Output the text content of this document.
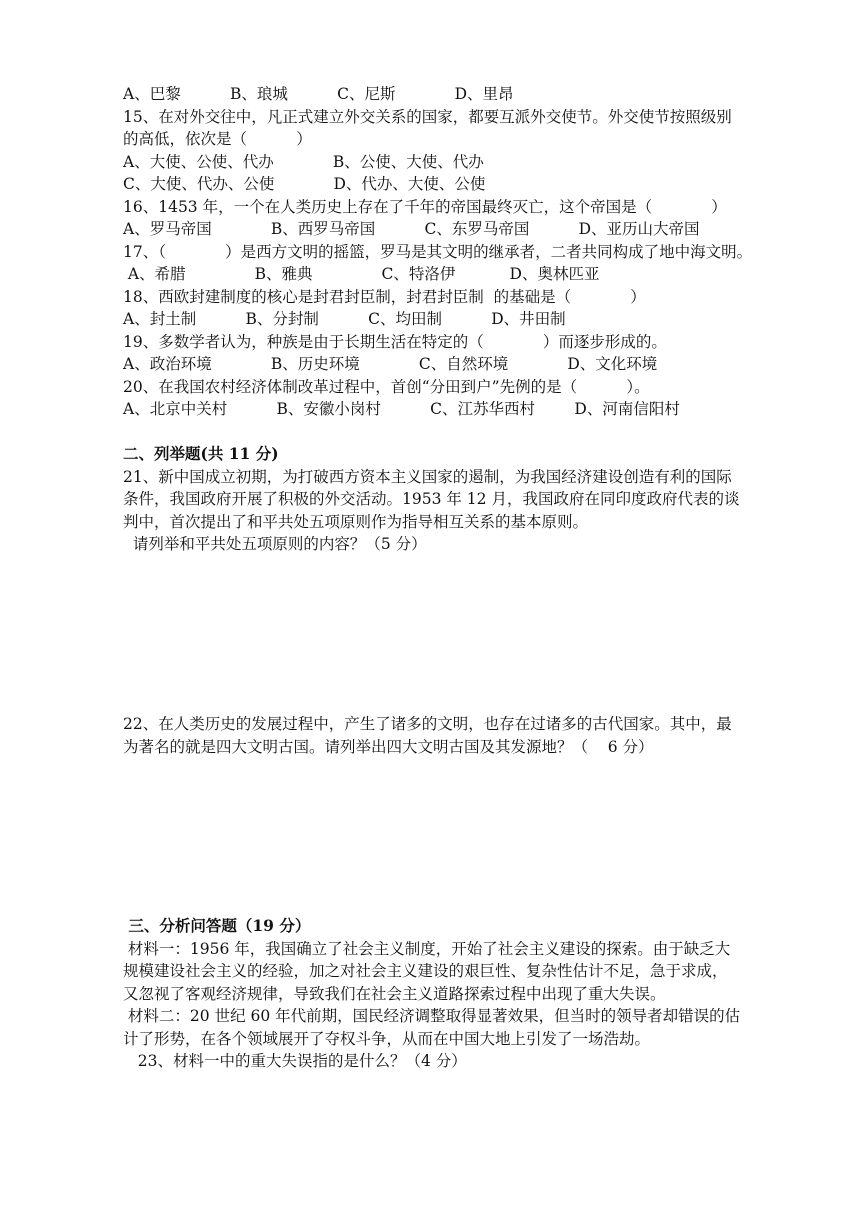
A、巴黎          B、琅城          C、尼斯            D、里昂
15、在对外交往中，凡正式建立外交关系的国家，都要互派外交使节。外交使节按照级别
的高低，依次是（          ）
A、大使、公使、代办            B、公使、大使、代办
C、大使、代办、公使            D、代办、大使、公使
16、1453 年，一个在人类历史上存在了千年的帝国最终灭亡，这个帝国是（            ）
A、罗马帝国            B、西罗马帝国          C、东罗马帝国          D、亚历山大帝国
17、（            ）是西方文明的摇篮，罗马是其文明的继承者，二者共同构成了地中海文明。
A、希腊              B、雅典              C、特洛伊           D、奥林匹亚
18、西欧封建制度的核心是封君封臣制，封君封臣制  的基础是（            ）
A、封土制          B、分封制          C、均田制          D、井田制
19、多数学者认为，种族是由于长期生活在特定的（            ）而逐步形成的。
A、政治环境            B、历史环境            C、自然环境            D、文化环境
20、在我国农村经济体制改革过程中，首创“分田到户”先例的是（          ）。
A、北京中关村          B、安徽小岗村          C、江苏华西村        D、河南信阳村
二、列举题(共 11 分)
21、新中国成立初期，为打破西方资本主义国家的遏制，为我国经济建设创造有利的国际
条件，我国政府开展了积极的外交活动。1953 年 12 月，我国政府在同印度政府代表的谈
判中，首次提出了和平共处五项原则作为指导相互关系的基本原则。
请列举和平共处五项原则的内容？（5 分）
22、在人类历史的发展过程中，产生了诸多的文明，也存在过诸多的古代国家。其中，最
为著名的就是四大文明古国。请列举出四大文明古国及其发源地？（    6 分）
三、分析问答题（19 分）
材料一：1956 年，我国确立了社会主义制度，开始了社会主义建设的探索。由于缺乏大
规模建设社会主义的经验，加之对社会主义建设的艰巨性、复杂性估计不足，急于求成，
又忽视了客观经济规律，导致我们在社会主义道路探索过程中出现了重大失误。
材料二：20 世纪 60 年代前期，国民经济调整取得显著效果，但当时的领导者却错误的估
计了形势，在各个领域展开了夺权斗争，从而在中国大地上引发了一场浩劫。
23、材料一中的重大失误指的是什么？（4 分）
